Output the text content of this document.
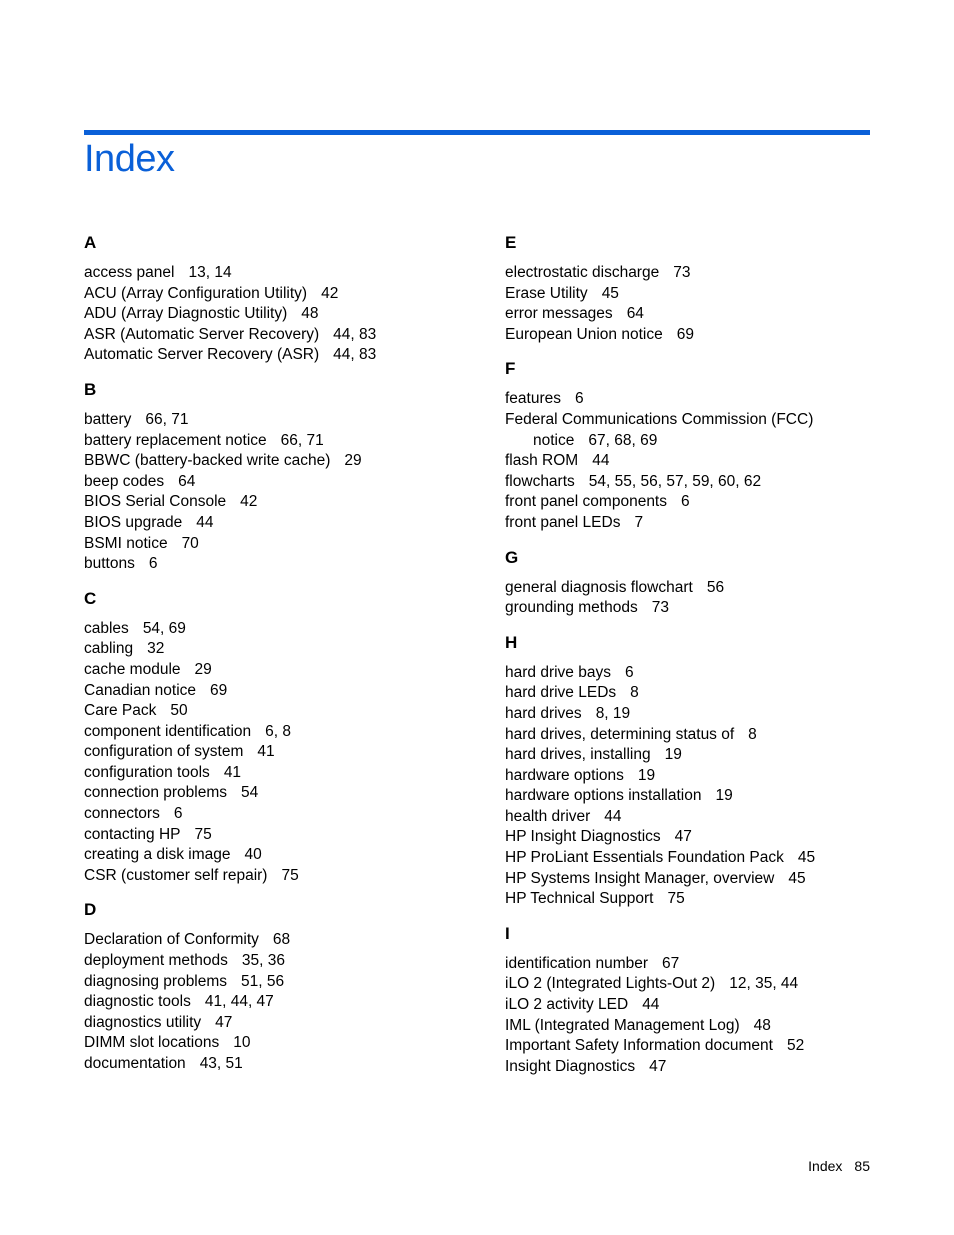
Index
A
access panel 13, 14
ACU (Array Configuration Utility) 42
ADU (Array Diagnostic Utility) 48
ASR (Automatic Server Recovery) 44, 83
Automatic Server Recovery (ASR) 44, 83
B
battery 66, 71
battery replacement notice 66, 71
BBWC (battery-backed write cache) 29
beep codes 64
BIOS Serial Console 42
BIOS upgrade 44
BSMI notice 70
buttons 6
C
cables 54, 69
cabling 32
cache module 29
Canadian notice 69
Care Pack 50
component identification 6, 8
configuration of system 41
configuration tools 41
connection problems 54
connectors 6
contacting HP 75
creating a disk image 40
CSR (customer self repair) 75
D
Declaration of Conformity 68
deployment methods 35, 36
diagnosing problems 51, 56
diagnostic tools 41, 44, 47
diagnostics utility 47
DIMM slot locations 10
documentation 43, 51
E
electrostatic discharge 73
Erase Utility 45
error messages 64
European Union notice 69
F
features 6
Federal Communications Commission (FCC)
notice 67, 68, 69
flash ROM 44
flowcharts 54, 55, 56, 57, 59, 60, 62
front panel components 6
front panel LEDs 7
G
general diagnosis flowchart 56
grounding methods 73
H
hard drive bays 6
hard drive LEDs 8
hard drives 8, 19
hard drives, determining status of 8
hard drives, installing 19
hardware options 19
hardware options installation 19
health driver 44
HP Insight Diagnostics 47
HP ProLiant Essentials Foundation Pack 45
HP Systems Insight Manager, overview 45
HP Technical Support 75
I
identification number 67
iLO 2 (Integrated Lights-Out 2) 12, 35, 44
iLO 2 activity LED 44
IML (Integrated Management Log) 48
Important Safety Information document 52
Insight Diagnostics 47
Index 85
